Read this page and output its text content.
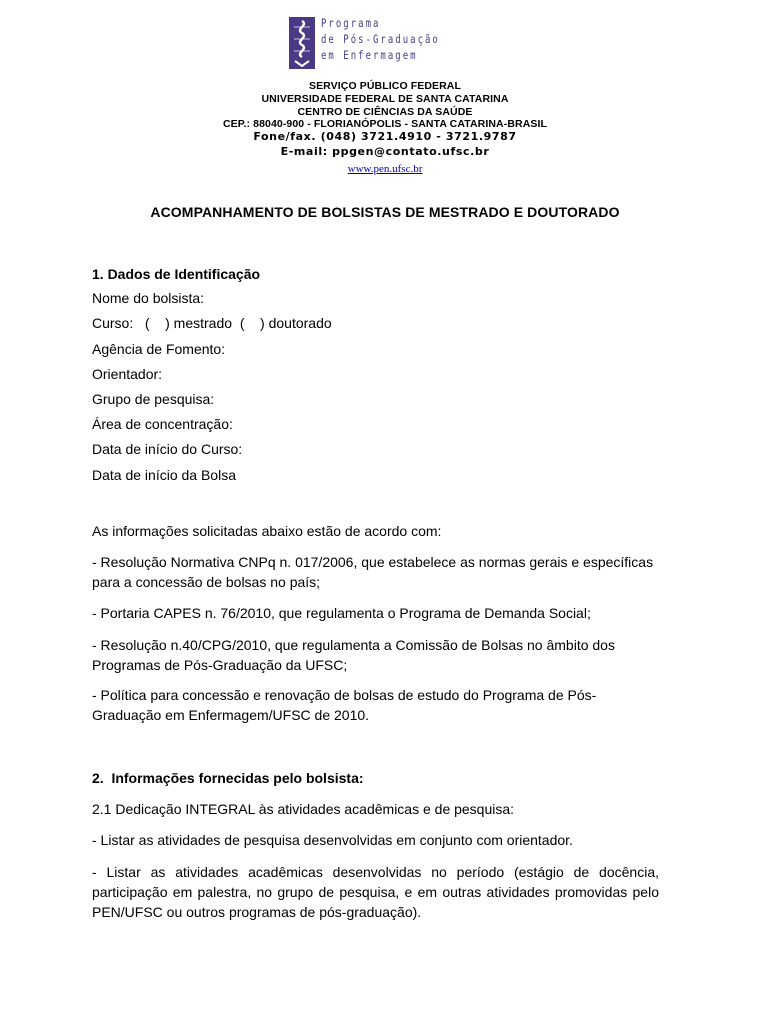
Programa
de Pós-Graduação
em Enfermagem
SERVIÇO PÚBLICO FEDERAL
UNIVERSIDADE FEDERAL DE SANTA CATARINA
CENTRO DE CIÊNCIAS DA SAÚDE
CEP.: 88040-900 - FLORIANÓPOLIS - SANTA CATARINA-BRASIL
Fone/fax. (048) 3721.4910 - 3721.9787
E-mail: ppgen@contato.ufsc.br
www.pen.ufsc.br
ACOMPANHAMENTO DE BOLSISTAS DE MESTRADO E DOUTORADO
1. Dados de Identificação
Nome do bolsista:
Curso:   (    ) mestrado  (    ) doutorado
Agência de Fomento:
Orientador:
Grupo de pesquisa:
Área de concentração:
Data de início do Curso:
Data de início da Bolsa
As informações solicitadas abaixo estão de acordo com:
- Resolução Normativa CNPq n. 017/2006, que estabelece as normas gerais e específicas para a concessão de bolsas no país;
- Portaria CAPES n. 76/2010, que regulamenta o Programa de Demanda Social;
- Resolução n.40/CPG/2010, que regulamenta a Comissão de Bolsas no âmbito dos Programas de Pós-Graduação da UFSC;
- Política para concessão e renovação de bolsas de estudo do Programa de Pós-Graduação em Enfermagem/UFSC de 2010.
2.  Informações fornecidas pelo bolsista:
2.1 Dedicação INTEGRAL às atividades acadêmicas e de pesquisa:
- Listar as atividades de pesquisa desenvolvidas em conjunto com orientador.
- Listar as atividades acadêmicas desenvolvidas no período (estágio de docência, participação em palestra, no grupo de pesquisa, e em outras atividades promovidas pelo PEN/UFSC ou outros programas de pós-graduação).
